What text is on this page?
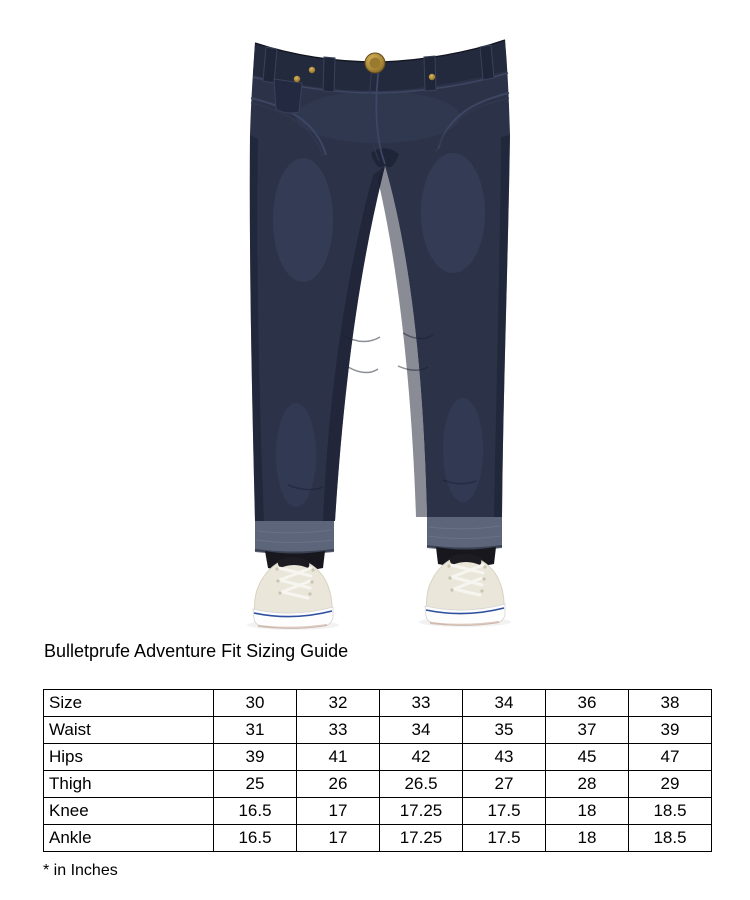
Bulletprufe Adventure Fit Sizing Guide
Size	30	32	33	34	36	38
Waist	31	33	34	35	37	39
Hips	39	41	42	43	45	47
Thigh	25	26	26.5	27	28	29
Knee	16.5	17	17.25	17.5	18	18.5
Ankle	16.5	17	17.25	17.5	18	18.5
* in Inches
